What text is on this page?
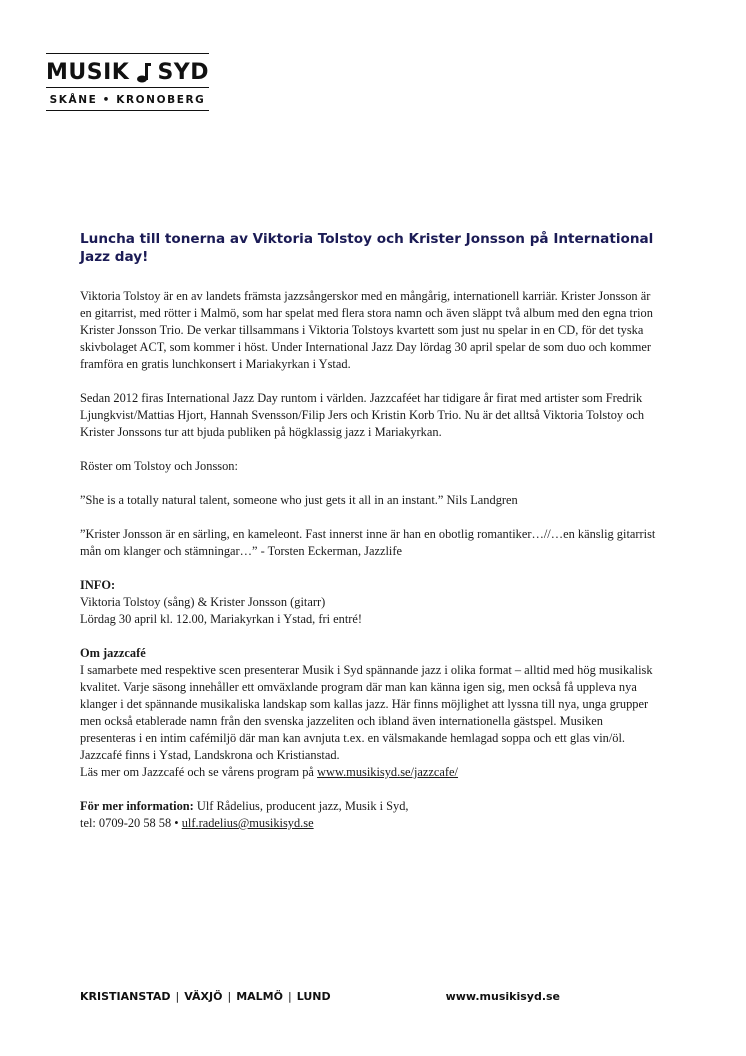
MUSIK SYD
SKÅNE • KRONOBERG
Luncha till tonerna av Viktoria Tolstoy och Krister Jonsson på International Jazz day!

Viktoria Tolstoy är en av landets främsta jazzsångerskor med en mångårig, internationell karriär. Krister Jonsson är en gitarrist, med rötter i Malmö, som har spelat med flera stora namn och även släppt två album med den egna trion Krister Jonsson Trio. De verkar tillsammans i Viktoria Tolstoys kvartett som just nu spelar in en CD, för det tyska skivbolaget ACT, som kommer i höst. Under International Jazz Day lördag 30 april spelar de som duo och kommer framföra en gratis lunchkonsert i Mariakyrkan i Ystad.

Sedan 2012 firas International Jazz Day runtom i världen. Jazzcaféet har tidigare år firat med artister som Fredrik Ljungkvist/Mattias Hjort, Hannah Svensson/Filip Jers och Kristin Korb Trio. Nu är det alltså Viktoria Tolstoy och Krister Jonssons tur att bjuda publiken på högklassig jazz i Mariakyrkan.

Röster om Tolstoy och Jonsson:

”She is a totally natural talent, someone who just gets it all in an instant.” Nils Landgren

”Krister Jonsson är en särling, en kameleont. Fast innerst inne är han en obotlig romantiker…//…en känslig gitarrist mån om klanger och stämningar…” - Torsten Eckerman, Jazzlife

INFO:
Viktoria Tolstoy (sång) & Krister Jonsson (gitarr)
Lördag 30 april kl. 12.00, Mariakyrkan i Ystad, fri entré!

Om jazzcafé
I samarbete med respektive scen presenterar Musik i Syd spännande jazz i olika format – alltid med hög musikalisk kvalitet. Varje säsong innehåller ett omväxlande program där man kan känna igen sig, men också få uppleva nya klanger i det spännande musikaliska landskap som kallas jazz. Här finns möjlighet att lyssna till nya, unga grupper men också etablerade namn från den svenska jazzeliten och ibland även internationella gästspel. Musiken presenteras i en intim cafémiljö där man kan avnjuta t.ex. en välsmakande hemlagad soppa och ett glas vin/öl. Jazzcafé finns i Ystad, Landskrona och Kristianstad.
Läs mer om Jazzcafé och se vårens program på www.musikisyd.se/jazzcafe/

För mer information: Ulf Rådelius, producent jazz, Musik i Syd,
tel: 0709-20 58 58 • ulf.radelius@musikisyd.se

KRISTIANSTAD | VÄXJÖ | MALMÖ | LUND	www.musikisyd.se
